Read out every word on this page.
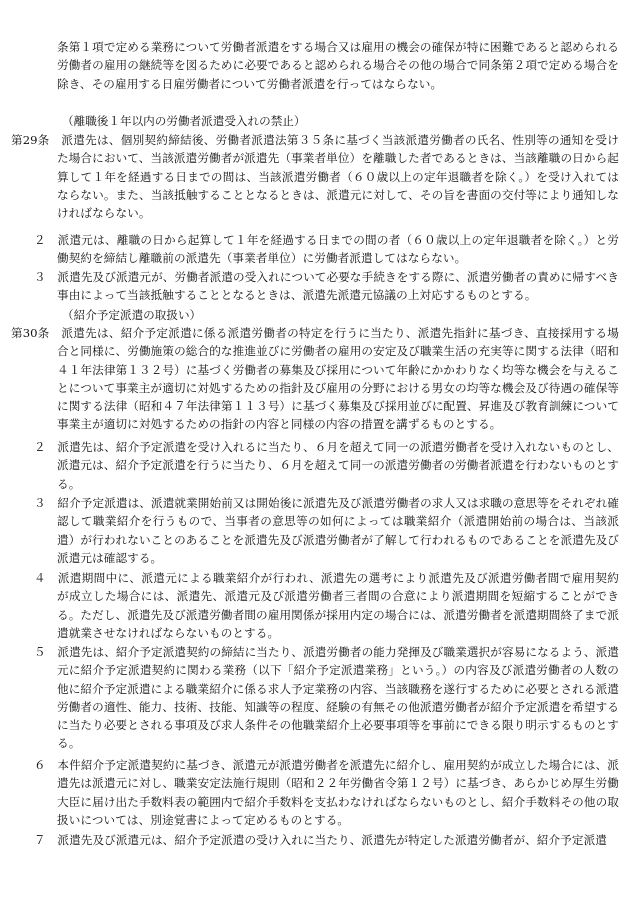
条第１項で定める業務について労働者派遣をする場合又は雇用の機会の確保が特に困難であると認められる労働者の雇用の継続等を図るために必要であると認められる場合その他の場合で同条第２項で定める場合を除き、その雇用する日雇労働者について労働者派遣を行ってはならない。
（離職後１年以内の労働者派遣受入れの禁止）
第29条　 派遣先は、個別契約締結後、労働者派遣法第３５条に基づく当該派遣労働者の氏名、性別等の通知を受けた場合において、当該派遣労働者が派遣先（事業者単位）を離職した者であるときは、当該離職の日から起算して１年を経過する日までの間は、当該派遣労働者（６０歳以上の定年退職者を除く。）を受け入れてはならない。また、当該抵触することとなるときは、派遣元に対して、その旨を書面の交付等により通知しなければならない。
２　派遣元は、離職の日から起算して１年を経過する日までの間の者（６０歳以上の定年退職者を除く。）と労働契約を締結し離職前の派遣先（事業者単位）に労働者派遣してはならない。
３　派遣先及び派遣元が、労働者派遣の受入れについて必要な手続きをする際に、派遣労働者の責めに帰すべき事由によって当該抵触することとなるときは、派遣先派遣元協議の上対応するものとする。
（紹介予定派遣の取扱い）
第30条　 派遣先は、紹介予定派遣に係る派遣労働者の特定を行うに当たり、派遣先指針に基づき、直接採用する場合と同様に、労働施策の総合的な推進並びに労働者の雇用の安定及び職業生活の充実等に関する法律（昭和４１年法律第１３２号）に基づく労働者の募集及び採用について年齢にかかわりなく均等な機会を与えることについて事業主が適切に対処するための指針及び雇用の分野における男女の均等な機会及び待遇の確保等に関する法律（昭和４７年法律第１１３号）に基づく募集及び採用並びに配置、昇進及び教育訓練について事業主が適切に対処するための指針の内容と同様の内容の措置を講ずるものとする。
２　派遣先は、紹介予定派遣を受け入れるに当たり、６月を超えて同一の派遣労働者を受け入れないものとし、派遣元は、紹介予定派遣を行うに当たり、６月を超えて同一の派遣労働者の労働者派遣を行わないものとする。
３　紹介予定派遣は、派遣就業開始前又は開始後に派遣先及び派遣労働者の求人又は求職の意思等をそれぞれ確認して職業紹介を行うもので、当事者の意思等の如何によっては職業紹介（派遣開始前の場合は、当該派遣）が行われないことのあることを派遣先及び派遣労働者が了解して行われるものであることを派遣先及び派遣元は確認する。
４　派遣期間中に、派遣元による職業紹介が行われ、派遣先の選考により派遣先及び派遣労働者間で雇用契約が成立した場合には、派遣先、派遣元及び派遣労働者三者間の合意により派遣期間を短縮することができる。ただし、派遣先及び派遣労働者間の雇用関係が採用内定の場合には、派遣労働者を派遣期間終了まで派遣就業させなければならないものとする。
５　派遣先は、紹介予定派遣契約の締結に当たり、派遣労働者の能力発揮及び職業選択が容易になるよう、派遣元に紹介予定派遣契約に関わる業務（以下「紹介予定派遣業務」という。）の内容及び派遣労働者の人数の他に紹介予定派遣による職業紹介に係る求人予定業務の内容、当該職務を遂行するために必要とされる派遣労働者の適性、能力、技術、技能、知識等の程度、経験の有無その他派遣労働者が紹介予定派遣を希望するに当たり必要とされる事項及び求人条件その他職業紹介上必要事項等を事前にできる限り明示するものとする。
６　本件紹介予定派遣契約に基づき、派遣元が派遣労働者を派遣先に紹介し、雇用契約が成立した場合には、派遣先は派遣元に対し、職業安定法施行規則（昭和２２年労働省令第１２号）に基づき、あらかじめ厚生労働大臣に届け出た手数料表の範囲内で紹介手数料を支払わなければならないものとし、紹介手数料その他の取扱いについては、別途覚書によって定めるものとする。
７　派遣先及び派遣元は、紹介予定派遣の受け入れに当たり、派遣先が特定した派遣労働者が、紹介予定派遣
